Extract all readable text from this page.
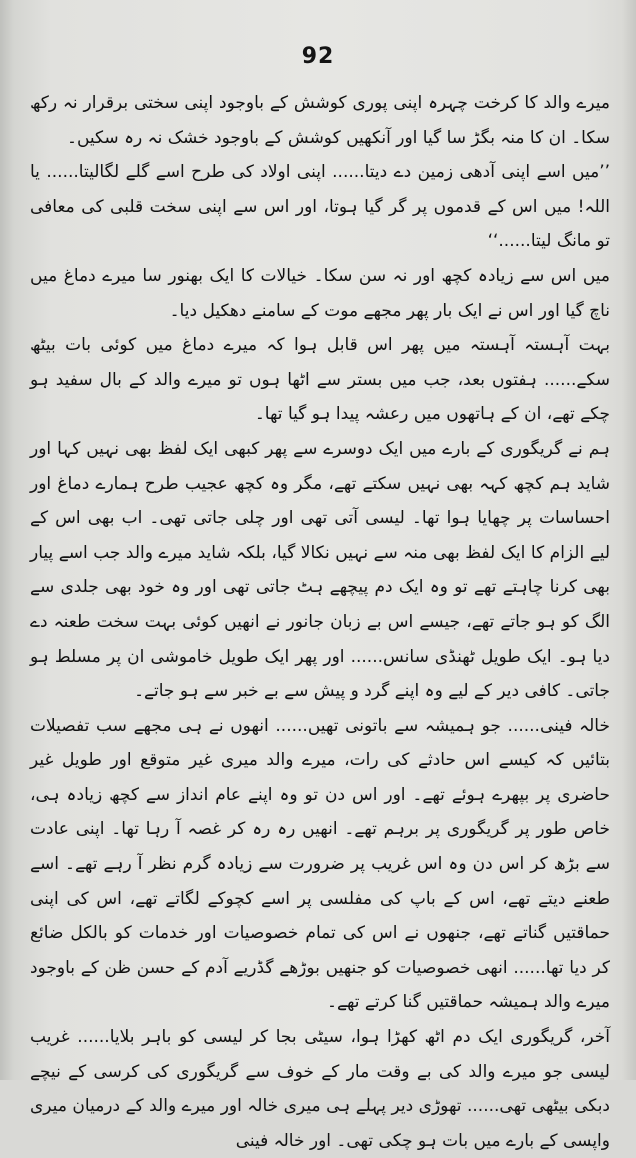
92

میرے والد کا کرخت چہرہ اپنی پوری کوشش کے باوجود اپنی سختی برقرار نہ رکھ سکا۔ ان کا منہ بگڑ سا گیا اور آنکھیں کوشش کے باوجود خشک نہ رہ سکیں۔

’’میں اسے اپنی آدھی زمین دے دیتا...... اپنی اولاد کی طرح اسے گلے لگالیتا...... یا اللہ! میں اس کے قدموں پر گر گیا ہوتا، اور اس سے اپنی سخت قلبی کی معافی تو مانگ لیتا......‘‘

میں اس سے زیادہ کچھ اور نہ سن سکا۔ خیالات کا ایک بھنور سا میرے دماغ میں ناچ گیا اور اس نے ایک بار پھر مجھے موت کے سامنے دھکیل دیا۔

بہت آہستہ آہستہ میں پھر اس قابل ہوا کہ میرے دماغ میں کوئی بات بیٹھ سکے...... ہفتوں بعد، جب میں بستر سے اٹھا ہوں تو میرے والد کے بال سفید ہو چکے تھے، ان کے ہاتھوں میں رعشہ پیدا ہو گیا تھا۔

ہم نے گریگوری کے بارے میں ایک دوسرے سے پھر کبھی ایک لفظ بھی نہیں کہا اور شاید ہم کچھ کہہ بھی نہیں سکتے تھے، مگر وہ کچھ عجیب طرح ہمارے دماغ اور احساسات پر چھایا ہوا تھا۔ لیسی آتی تھی اور چلی جاتی تھی۔ اب بھی اس کے لیے الزام کا ایک لفظ بھی منہ سے نہیں نکالا گیا، بلکہ شاید میرے والد جب اسے پیار بھی کرنا چاہتے تھے تو وہ ایک دم پیچھے ہٹ جاتی تھی اور وہ خود بھی جلدی سے الگ کو ہو جاتے تھے، جیسے اس بے زبان جانور نے انھیں کوئی بہت سخت طعنہ دے دیا ہو۔ ایک طویل ٹھنڈی سانس...... اور پھر ایک طویل خاموشی ان پر مسلط ہو جاتی۔ کافی دیر کے لیے وہ اپنے گرد و پیش سے بے خبر سے ہو جاتے۔

خالہ فینی...... جو ہمیشہ سے باتونی تھیں...... انھوں نے ہی مجھے سب تفصیلات بتائیں کہ کیسے اس حادثے کی رات، میرے والد میری غیر متوقع اور طویل غیر حاضری پر بپھرے ہوئے تھے۔ اور اس دن تو وہ اپنے عام انداز سے کچھ زیادہ ہی، خاص طور پر گریگوری پر برہم تھے۔ انھیں رہ رہ کر غصہ آ رہا تھا۔ اپنی عادت سے بڑھ کر اس دن وہ اس غریب پر ضرورت سے زیادہ گرم نظر آ رہے تھے۔ اسے طعنے دیتے تھے، اس کے باپ کی مفلسی پر اسے کچوکے لگاتے تھے، اس کی اپنی حماقتیں گناتے تھے، جنھوں نے اس کی تمام خصوصیات اور خدمات کو بالکل ضائع کر دیا تھا...... انھی خصوصیات کو جنھیں بوڑھے گڈریے آدم کے حسن ظن کے باوجود میرے والد ہمیشہ حماقتیں گنا کرتے تھے۔

آخر، گریگوری ایک دم اٹھ کھڑا ہوا، سیٹی بجا کر لیسی کو باہر بلایا...... غریب لیسی جو میرے والد کی بے وقت مار کے خوف سے گریگوری کی کرسی کے نیچے دبکی بیٹھی تھی...... تھوڑی دیر پہلے ہی میری خالہ اور میرے والد کے درمیان میری واپسی کے بارے میں بات ہو چکی تھی۔ اور خالہ فینی
